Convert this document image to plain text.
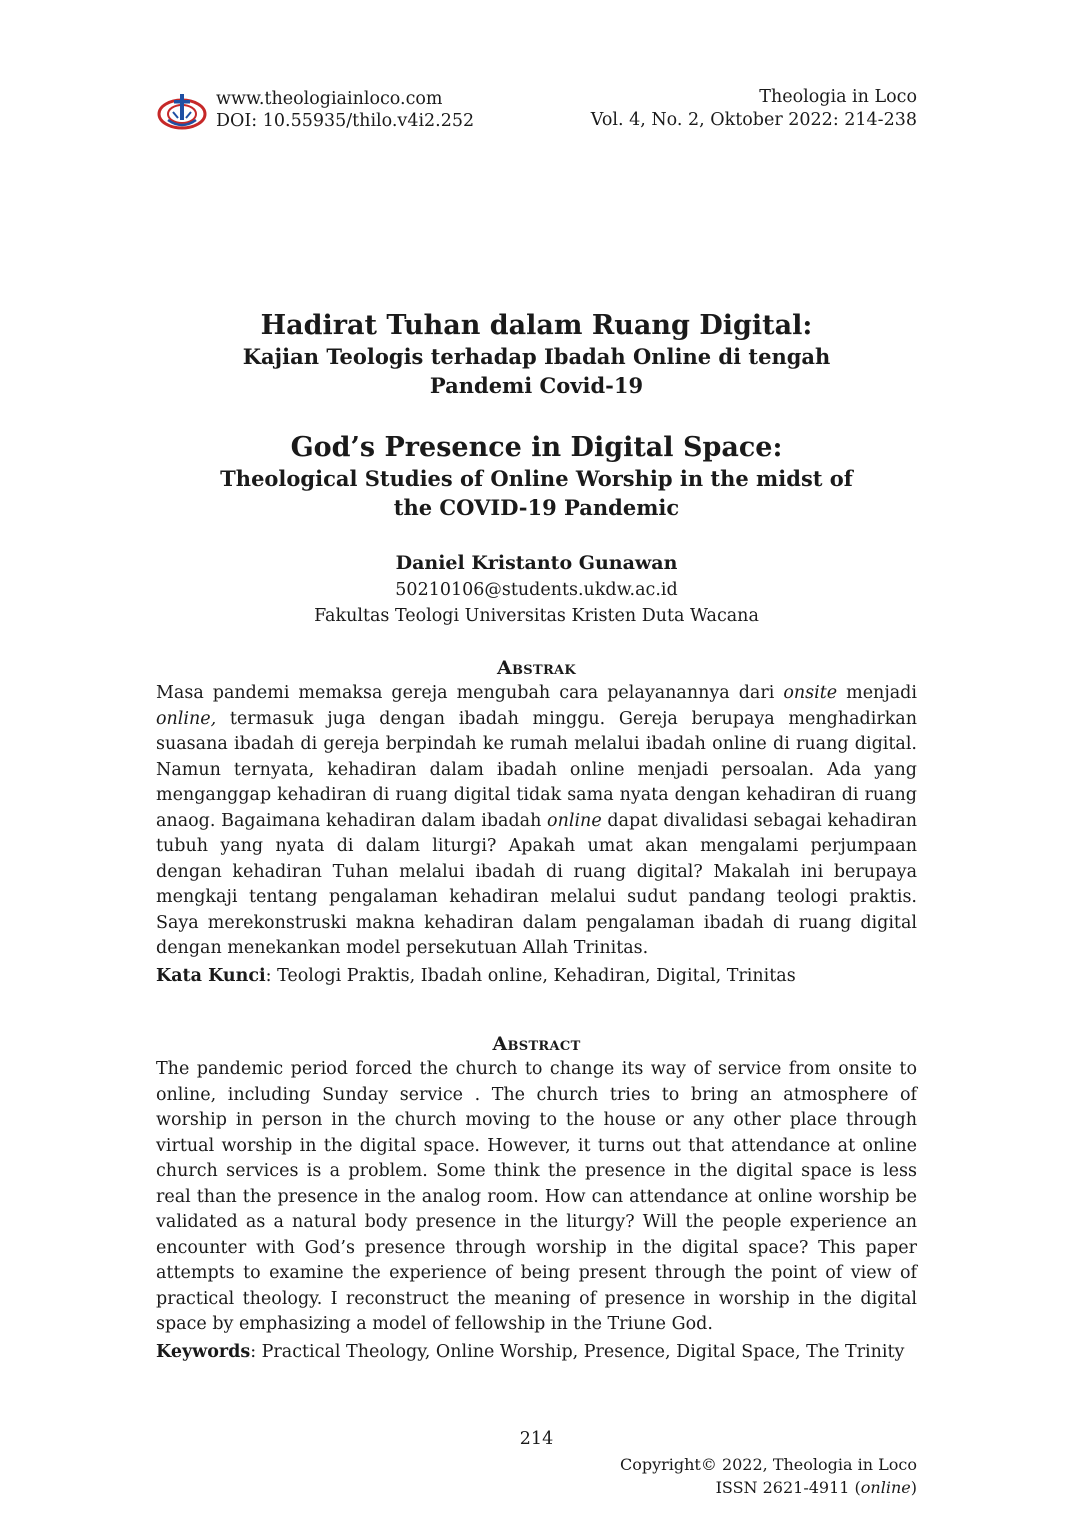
www.theologiainloco.com
DOI: 10.55935/thilo.v4i2.252
Theologia in Loco
Vol. 4, No. 2, Oktober 2022: 214-238
Hadirat Tuhan dalam Ruang Digital:
Kajian Teologis terhadap Ibadah Online di tengah
Pandemi Covid-19
God’s Presence in Digital Space:
Theological Studies of Online Worship in the midst of
the COVID-19 Pandemic
Daniel Kristanto Gunawan
50210106@students.ukdw.ac.id
Fakultas Teologi Universitas Kristen Duta Wacana
Abstrak
Masa pandemi memaksa gereja mengubah cara pelayanannya dari onsite menjadi online, termasuk juga dengan ibadah minggu. Gereja berupaya menghadirkan suasana ibadah di gereja berpindah ke rumah melalui ibadah online di ruang digital. Namun ternyata, kehadiran dalam ibadah online menjadi persoalan. Ada yang menganggap kehadiran di ruang digital tidak sama nyata dengan kehadiran di ruang anaog. Bagaimana kehadiran dalam ibadah online dapat divalidasi sebagai kehadiran tubuh yang nyata di dalam liturgi? Apakah umat akan mengalami perjumpaan dengan kehadiran Tuhan melalui ibadah di ruang digital? Makalah ini berupaya mengkaji tentang pengalaman kehadiran melalui sudut pandang teologi praktis. Saya merekonstruski makna kehadiran dalam pengalaman ibadah di ruang digital dengan menekankan model persekutuan Allah Trinitas.
Kata Kunci: Teologi Praktis, Ibadah online, Kehadiran, Digital, Trinitas
Abstract
The pandemic period forced the church to change its way of service from onsite to online, including Sunday service . The church tries to bring an atmosphere of worship in person in the church moving to the house or any other place through virtual worship in the digital space. However, it turns out that attendance at online church services is a problem. Some think the presence in the digital space is less real than the presence in the analog room. How can attendance at online worship be validated as a natural body presence in the liturgy? Will the people experience an encounter with God’s presence through worship in the digital space? This paper attempts to examine the experience of being present through the point of view of practical theology. I reconstruct the meaning of presence in worship in the digital space by emphasizing a model of fellowship in the Triune God.
Keywords: Practical Theology, Online Worship, Presence, Digital Space, The Trinity
214
Copyright© 2022, Theologia in Loco
ISSN 2621-4911 (online)
